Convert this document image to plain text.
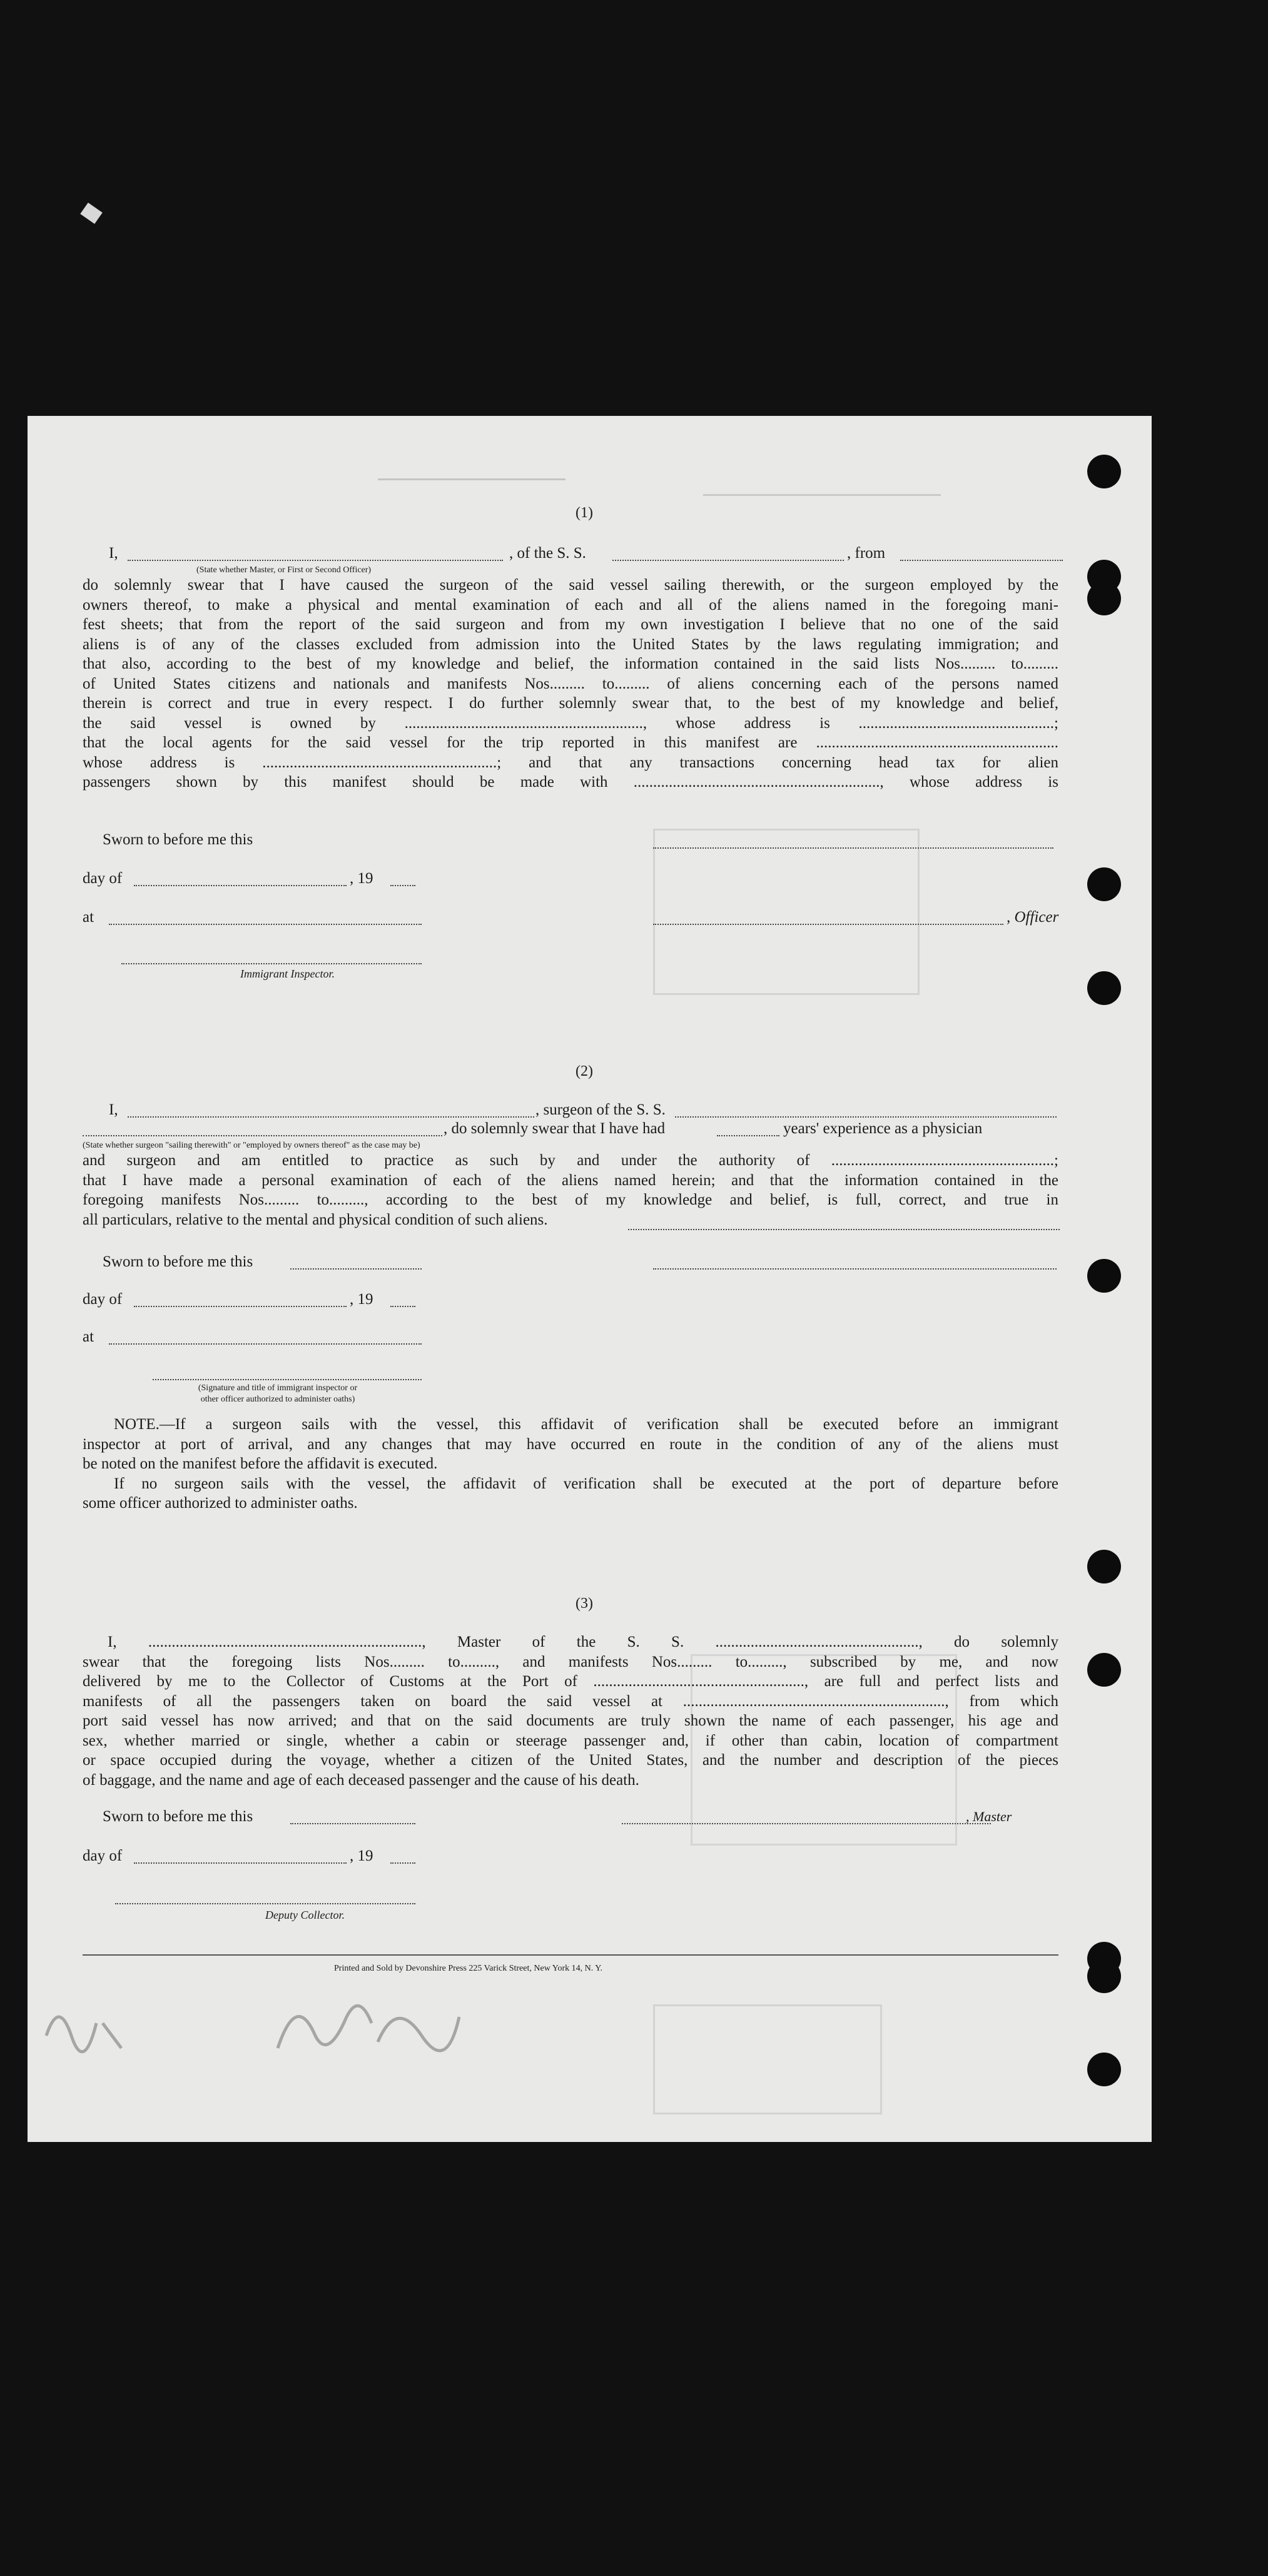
(1)
I,	, of the S. S.	, from
(State whether Master, or First or Second Officer)
do solemnly swear that I have caused the surgeon of the said vessel sailing therewith, or the surgeon employed by the
owners thereof, to make a physical and mental examination of each and all of the aliens named in the foregoing mani-
fest sheets; that from the report of the said surgeon and from my own investigation I believe that no one of the said
aliens is of any of the classes excluded from admission into the United States by the laws regulating immigration; and
that also, according to the best of my knowledge and belief, the information contained in the said lists Nos......... to.........
of United States citizens and nationals and manifests Nos......... to......... of aliens concerning each of the persons named
therein is correct and true in every respect. I do further solemnly swear that, to the best of my knowledge and belief,
the said vessel is owned by ............................................................., whose address is ..................................................;
that the local agents for the said vessel for the trip reported in this manifest are ..............................................................
whose address is ............................................................; and that any transactions concerning head tax for alien
passengers shown by this manifest should be made with ..............................................................., whose address is
Sworn to before me this
day of	, 19
at	, Officer
Immigrant Inspector.
(2)
I,	, surgeon of the S. S.
, do solemnly swear that I have had	years' experience as a physician
(State whether surgeon "sailing therewith" or "employed by owners thereof" as the case may be)
and surgeon and am entitled to practice as such by and under the authority of .........................................................;
that I have made a personal examination of each of the aliens named herein; and that the information contained in the
foregoing manifests Nos......... to........., according to the best of my knowledge and belief, is full, correct, and true in
all particulars, relative to the mental and physical condition of such aliens.
Sworn to before me this
day of	, 19
at
(Signature and title of immigrant inspector or
other officer authorized to administer oaths)
NOTE.—If a surgeon sails with the vessel, this affidavit of verification shall be executed before an immigrant
inspector at port of arrival, and any changes that may have occurred en route in the condition of any of the aliens must
be noted on the manifest before the affidavit is executed.
If no surgeon sails with the vessel, the affidavit of verification shall be executed at the port of departure before
some officer authorized to administer oaths.
(3)
I, ......................................................................, Master of the S. S. ...................................................., do solemnly
swear that the foregoing lists Nos......... to........., and manifests Nos......... to........., subscribed by me, and now
delivered by me to the Collector of Customs at the Port of ......................................................, are full and perfect lists and
manifests of all the passengers taken on board the said vessel at ..................................................................., from which
port said vessel has now arrived; and that on the said documents are truly shown the name of each passenger, his age and
sex, whether married or single, whether a cabin or steerage passenger and, if other than cabin, location of compartment
or space occupied during the voyage, whether a citizen of the United States, and the number and description of the pieces
of baggage, and the name and age of each deceased passenger and the cause of his death.
Sworn to before me this	, Master
day of	, 19
Deputy Collector.
Printed and Sold by Devonshire Press 225 Varick Street, New York 14, N. Y.
